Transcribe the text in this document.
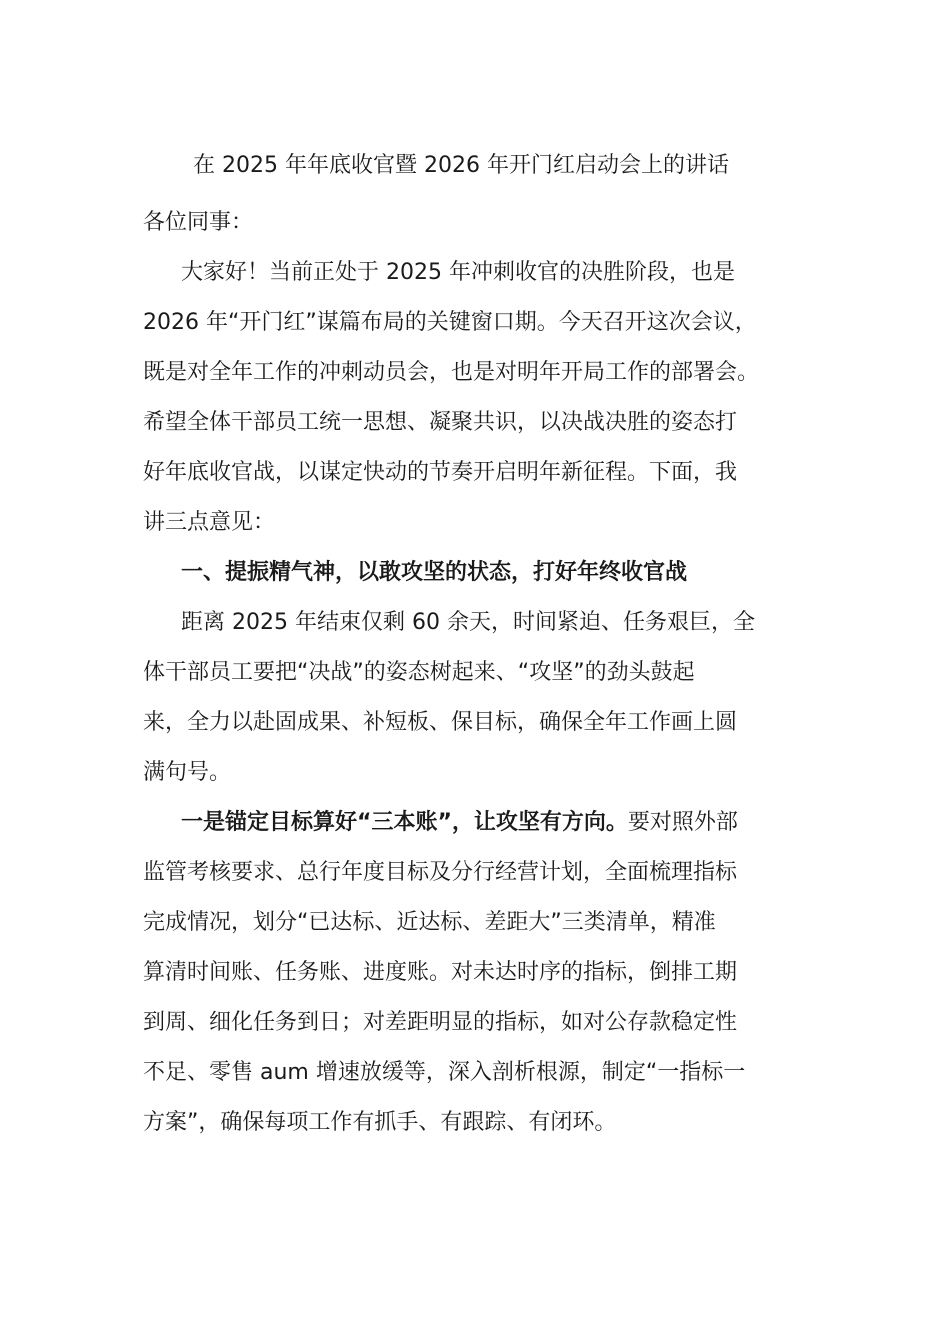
在 2025 年年底收官暨 2026 年开门红启动会上的讲话

各位同事：

大家好！当前正处于 2025 年冲刺收官的决胜阶段，也是
2026 年“开门红”谋篇布局的关键窗口期。今天召开这次会议，
既是对全年工作的冲刺动员会，也是对明年开局工作的部署会。
希望全体干部员工统一思想、凝聚共识，以决战决胜的姿态打
好年底收官战，以谋定快动的节奏开启明年新征程。下面，我
讲三点意见：

一、提振精气神，以敢攻坚的状态，打好年终收官战

距离 2025 年结束仅剩 60 余天，时间紧迫、任务艰巨，全
体干部员工要把“决战”的姿态树起来、“攻坚”的劲头鼓起
来，全力以赴固成果、补短板、保目标，确保全年工作画上圆
满句号。

一是锚定目标算好“三本账”，让攻坚有方向。要对照外部
监管考核要求、总行年度目标及分行经营计划，全面梳理指标
完成情况，划分“已达标、近达标、差距大”三类清单，精准
算清时间账、任务账、进度账。对未达时序的指标，倒排工期
到周、细化任务到日；对差距明显的指标，如对公存款稳定性
不足、零售 aum 增速放缓等，深入剖析根源，制定“一指标一
方案”，确保每项工作有抓手、有跟踪、有闭环。
